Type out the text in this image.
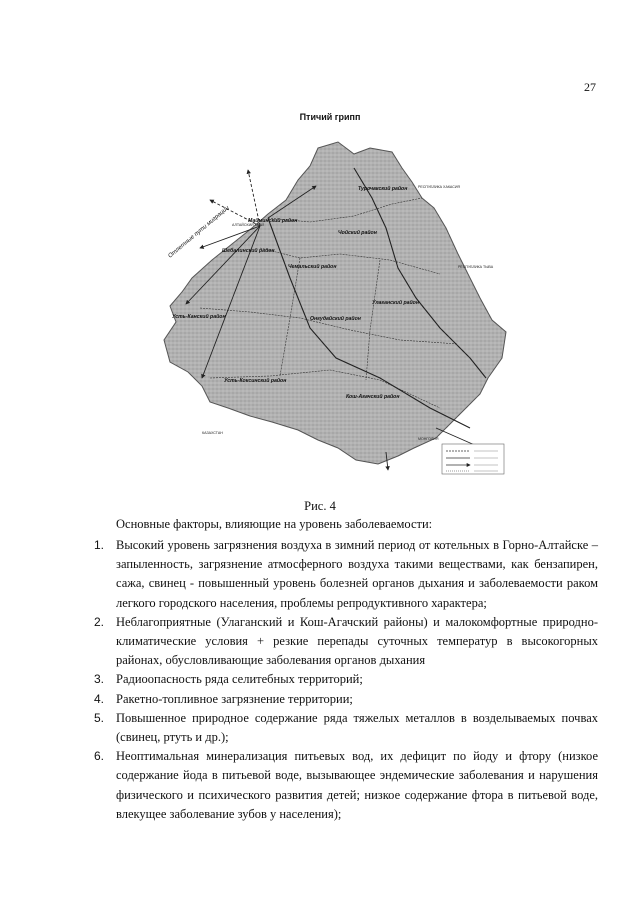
27
Птичий грипп
Отлетные пути миграции
Турочакский район
Майминский район
Чойский район
Шебалинский район
Чемальский район
Усть-Канский район	Онгудайский район
Улаганский район
Усть-Коксинский район
Кош-Агачский район
АЛТАЙСКИЙ КРАЙ
РЕСПУБЛИКА ХАКАСИЯ
РЕСПУБЛИКА ТЫВА
КАЗАХСТАН
МОНГОЛИЯ
Рис. 4
Основные факторы, влияющие на уровень заболеваемости:
1. Высокий уровень загрязнения воздуха в зимний период от котельных в Горно-Алтайске – запыленность, загрязнение атмосферного воздуха такими веществами, как бензапирен, сажа, свинец - повышенный уровень болезней органов дыхания и заболеваемости раком легкого городского населения, проблемы репродуктивного характера;
2. Неблагоприятные (Улаганский и Кош-Агачский районы) и малокомфортные природно-климатические условия + резкие перепады суточных температур в высокогорных районах, обусловливающие заболевания органов дыхания
3. Радиоопасность ряда селитебных территорий;
4. Ракетно-топливное загрязнение территории;
5. Повышенное природное содержание ряда тяжелых металлов в возделываемых почвах (свинец, ртуть и др.);
6. Неоптимальная минерализация питьевых вод, их дефицит по йоду и фтору (низкое содержание йода в питьевой воде, вызывающее эндемические заболевания и нарушения физического и психического развития детей; низкое содержание фтора в питьевой воде, влекущее заболевание зубов у населения);
